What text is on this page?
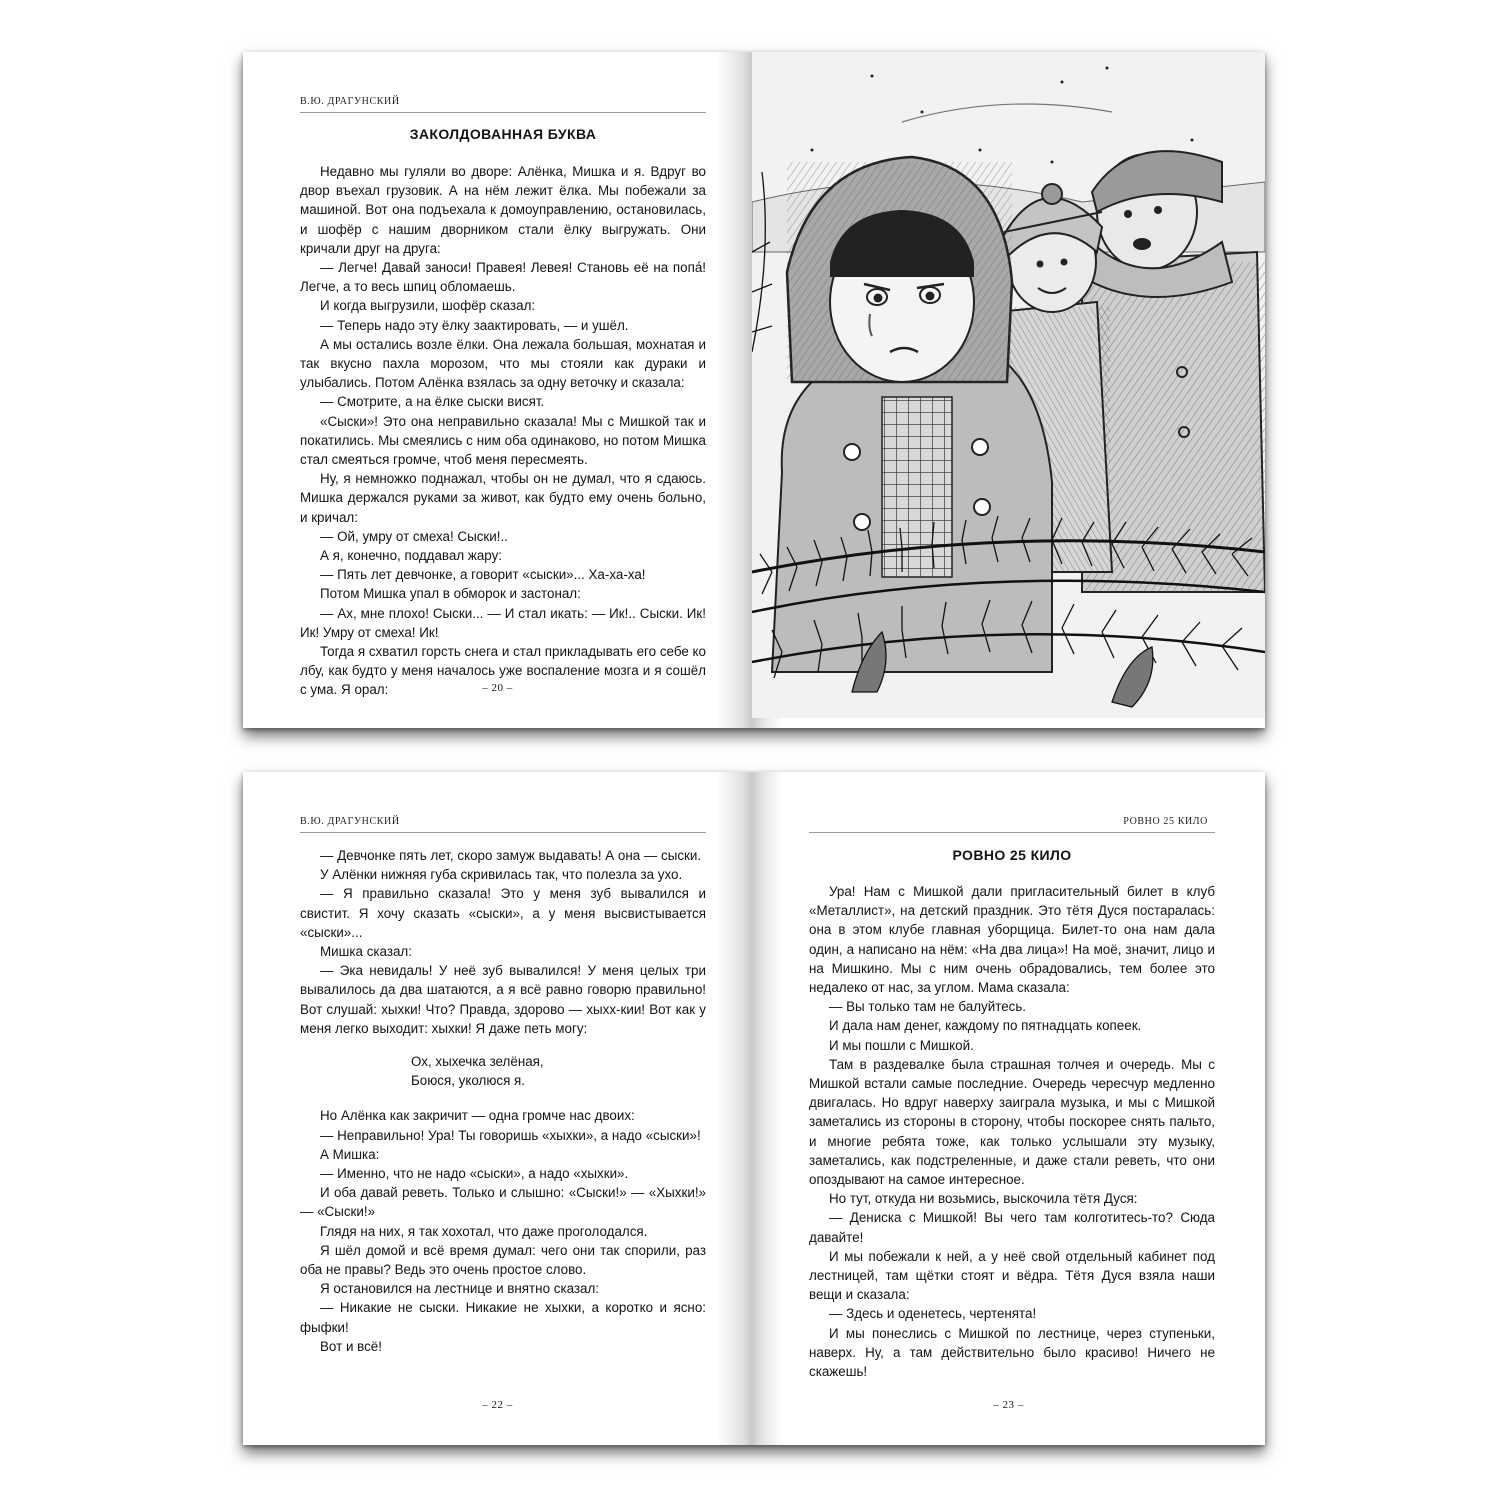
В.Ю. ДРАГУНСКИЙ
ЗАКОЛДОВАННАЯ БУКВА

Недавно мы гуляли во дворе: Алёнка, Мишка и я. Вдруг во двор въехал грузовик. А на нём лежит ёлка. Мы побежали за машиной. Вот она подъехала к домоуправлению, остановилась, и шофёр с нашим дворником стали ёлку выгружать. Они кричали друг на друга:

— Легче! Давай заноси! Правея! Левея! Становь её на попа́! Легче, а то весь шпиц обломаешь.

И когда выгрузили, шофёр сказал:

— Теперь надо эту ёлку заактировать, — и ушёл.

А мы остались возле ёлки. Она лежала большая, мохнатая и так вкусно пахла морозом, что мы стояли как дураки и улыбались. Потом Алёнка взялась за одну веточку и сказала:

— Смотрите, а на ёлке сыски висят.

«Сыски»! Это она неправильно сказала! Мы с Мишкой так и покатились. Мы смеялись с ним оба одинаково, но потом Мишка стал смеяться громче, чтоб меня пересмеять.

Ну, я немножко поднажал, чтобы он не думал, что я сдаюсь. Мишка держался руками за живот, как будто ему очень больно, и кричал:

— Ой, умру от смеха! Сыски!..

А я, конечно, поддавал жару:

— Пять лет девчонке, а говорит «сыски»... Ха-ха-ха!

Потом Мишка упал в обморок и застонал:

— Ах, мне плохо! Сыски... — И стал икать: — Ик!.. Сыски. Ик! Ик! Умру от смеха! Ик!

Тогда я схватил горсть снега и стал прикладывать его себе ко лбу, как будто у меня началось уже воспаление мозга и я сошёл с ума. Я орал:	– 20 –
В.Ю. ДРАГУНСКИЙ

— Девчонке пять лет, скоро замуж выдавать! А она — сыски.

У Алёнки нижняя губа скривилась так, что полезла за ухо.

— Я правильно сказала! Это у меня зуб вывалился и свистит. Я хочу сказать «сыски», а у меня высвистывается «сыски»...

Мишка сказал:

— Эка невидаль! У неё зуб вывалился! У меня целых три вывалилось да два шатаются, а я всё равно говорю правильно! Вот слушай: хыхки! Что? Правда, здорово — хыхх-кии! Вот как у меня легко выходит: хыхки! Я даже петь могу:

Ох, хыхечка зелёная,
Боюся, уколюся я.

Но Алёнка как закричит — одна громче нас двоих:

— Неправильно! Ура! Ты говоришь «хыхки», а надо «сыски»!

А Мишка:

— Именно, что не надо «сыски», а надо «хыхки».

И оба давай реветь. Только и слышно: «Сыски!» — «Хыхки!» — «Сыски!»

Глядя на них, я так хохотал, что даже проголодался.

Я шёл домой и всё время думал: чего они так спорили, раз оба не правы? Ведь это очень простое слово.

Я остановился на лестнице и внятно сказал:

— Никакие не сыски. Никакие не хыхки, а коротко и ясно: фыфки!

Вот и всё!

– 22 –
РОВНО 25 КИЛО
РОВНО 25 КИЛО

Ура! Нам с Мишкой дали пригласительный билет в клуб «Металлист», на детский праздник. Это тётя Дуся постаралась: она в этом клубе главная уборщица. Билет-то она нам дала один, а написано на нём: «На два лица»! На моё, значит, лицо и на Мишкино. Мы с ним очень обрадовались, тем более это недалеко от нас, за углом. Мама сказала:

— Вы только там не балуйтесь.

И дала нам денег, каждому по пятнадцать копеек.

И мы пошли с Мишкой.

Там в раздевалке была страшная толчея и очередь. Мы с Мишкой встали самые последние. Очередь чересчур медленно двигалась. Но вдруг наверху заиграла музыка, и мы с Мишкой заметались из стороны в сторону, чтобы поскорее снять пальто, и многие ребята тоже, как только услышали эту музыку, заметались, как подстреленные, и даже стали реветь, что они опоздывают на самое интересное.

Но тут, откуда ни возьмись, выскочила тётя Дуся:

— Дениска с Мишкой! Вы чего там колготитесь-то? Сюда давайте!

И мы побежали к ней, а у неё свой отдельный кабинет под лестницей, там щётки стоят и вёдра. Тётя Дуся взяла наши вещи и сказала:

— Здесь и оденетесь, чертенята!

И мы понеслись с Мишкой по лестнице, через ступеньки, наверх. Ну, а там действительно было красиво! Ничего не скажешь!

– 23 –
